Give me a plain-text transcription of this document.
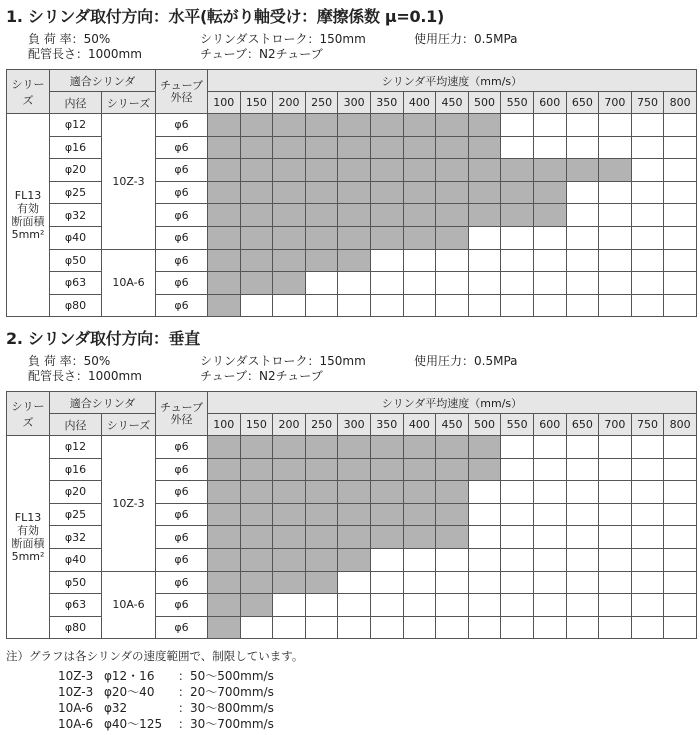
1. シリンダ取付方向：水平(転がり軸受け：摩擦係数 μ=0.1)
負 荷 率：50%	シリンダストローク：150mm	使用圧力：0.5MPa
配管長さ：1000mm	チューブ：N2チューブ
シリーズ	適合シリンダ		チューブ
外径	シリンダ平均速度（mm/s）														
	内径	シリーズ		100	150	200	250	300	350	400	450	500	550	600	650	700	750	800
FL13
有効
断面積
5mm²	φ12	10Z-3	φ6															
	φ16		φ6															
	φ20		φ6															
	φ25		φ6															
	φ32		φ6															
	φ40		φ6															
	φ50	10A-6	φ6															
	φ63		φ6															
	φ80		φ6															
2. シリンダ取付方向：垂直
負 荷 率：50%	シリンダストローク：150mm	使用圧力：0.5MPa
配管長さ：1000mm	チューブ：N2チューブ
シリーズ	適合シリンダ		チューブ
外径	シリンダ平均速度（mm/s）														
	内径	シリーズ		100	150	200	250	300	350	400	450	500	550	600	650	700	750	800
FL13
有効
断面積
5mm²	φ12	10Z-3	φ6															
	φ16		φ6															
	φ20		φ6															
	φ25		φ6															
	φ32		φ6															
	φ40		φ6															
	φ50	10A-6	φ6															
	φ63		φ6															
	φ80		φ6															
注）グラフは各シリンダの速度範囲で、制限しています。
10Z-3 φ12・16 ：50〜500mm/s
10Z-3 φ20〜40 ：20〜700mm/s
10A-6 φ32	：30〜800mm/s
10A-6 φ40〜125 ：30〜700mm/s
